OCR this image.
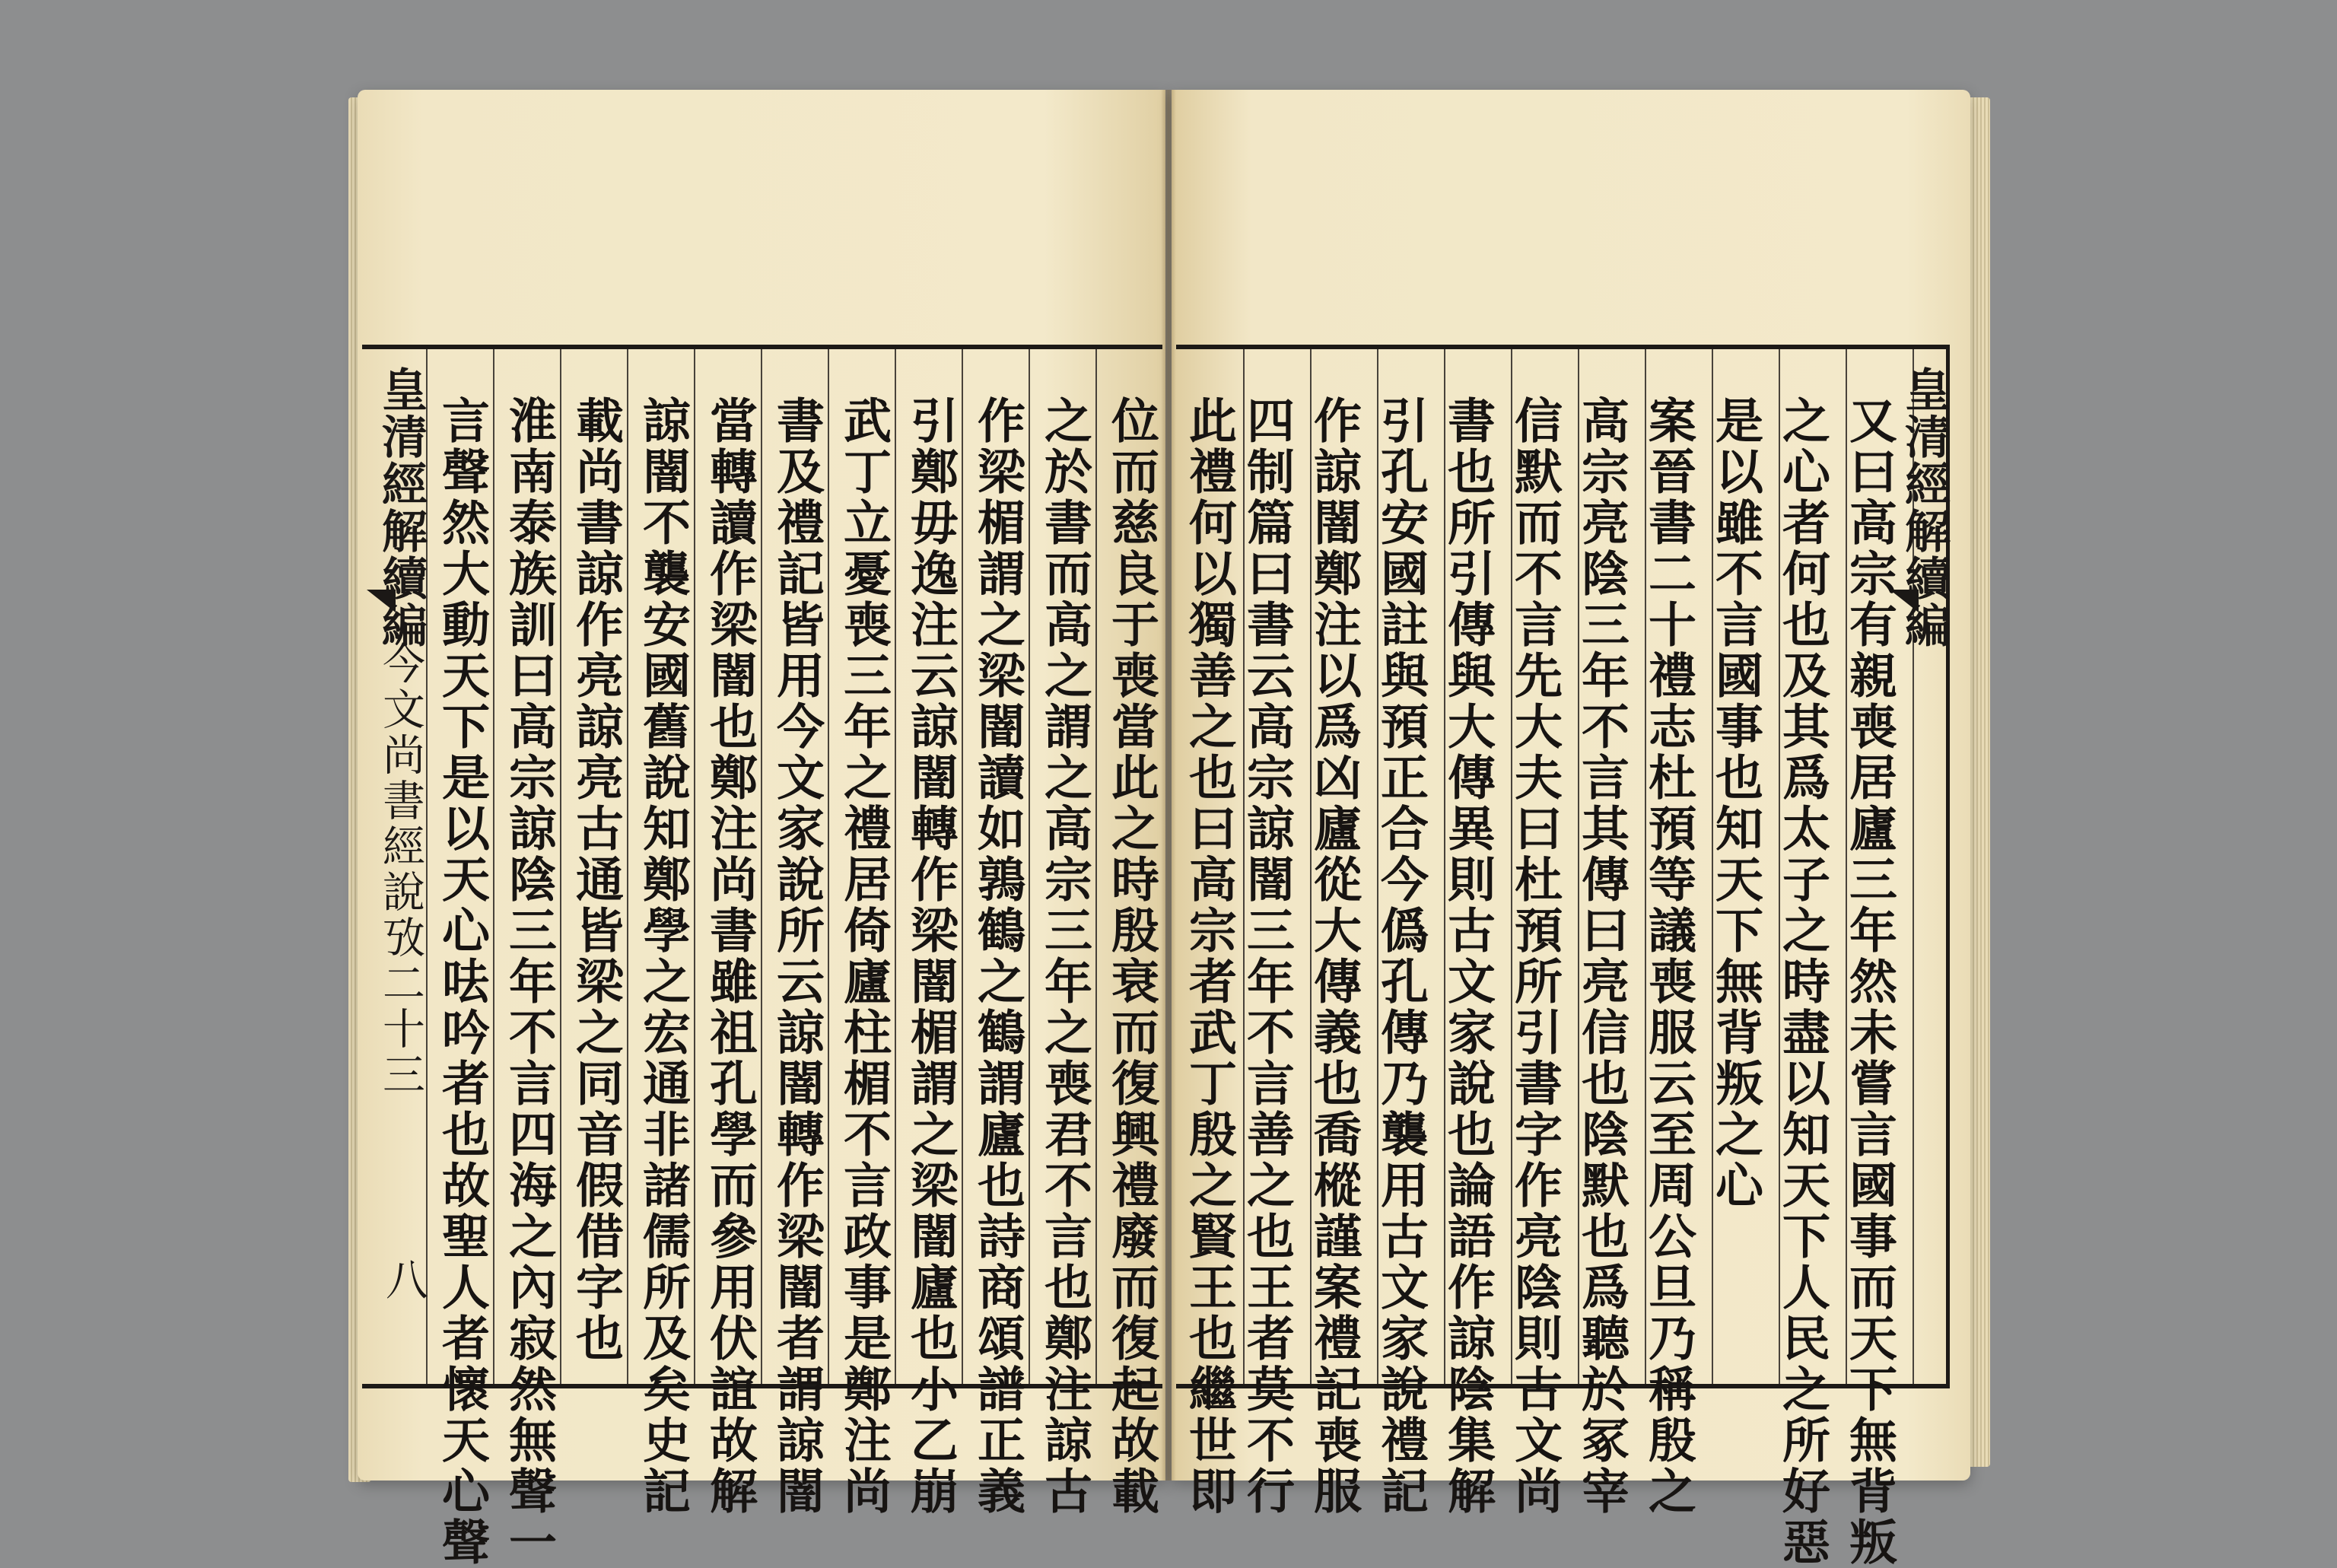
皇清經解續編
今文尚書經說攷二十三
八	位而慈良于喪當此之時殷衰而復興禮廢而復起故載
之於書而高之謂之高宗三年之喪君不言也鄭注諒古
作梁楣謂之梁闇讀如鶉鶴之鶴謂廬也詩商頌譜正義
引鄭毋逸注云諒闇轉作梁闇楣謂之梁闇廬也小乙崩
武丁立憂喪三年之禮居倚廬柱楣不言政事是鄭注尚
書及禮記皆用今文家說所云諒闇轉作梁闇者謂諒闇
當轉讀作梁闇也鄭注尚書雖祖孔學而參用伏誼故解
諒闇不襲安國舊說知鄭學之宏通非諸儒所及矣史記
載尚書諒作亮諒亮古通皆梁之同音假借字也
淮南泰族訓曰高宗諒陰三年不言四海之內寂然無聲一
言聲然大動天下是以天心呿吟者也故聖人者懷天心聲	皇清經解續編
又曰高宗有親喪居廬三年然未嘗言國事而天下無背叛
之心者何也及其爲太子之時盡以知天下人民之所好惡
是以雖不言國事也知天下無背叛之心
案晉書二十禮志杜預等議喪服云至周公旦乃稱殷之
高宗亮陰三年不言其傳曰亮信也陰默也爲聽於冢宰
信默而不言先大夫曰杜預所引書字作亮陰則古文尚
書也所引傳與大傳異則古文家說也論語作諒陰集解
引孔安國註與預正合今僞孔傳乃襲用古文家說禮記
作諒闇鄭注以爲凶廬從大傳義也喬樅謹案禮記喪服
四制篇曰書云高宗諒闇三年不言善之也王者莫不行
此禮何以獨善之也曰高宗者武丁殷之賢王也繼世即
